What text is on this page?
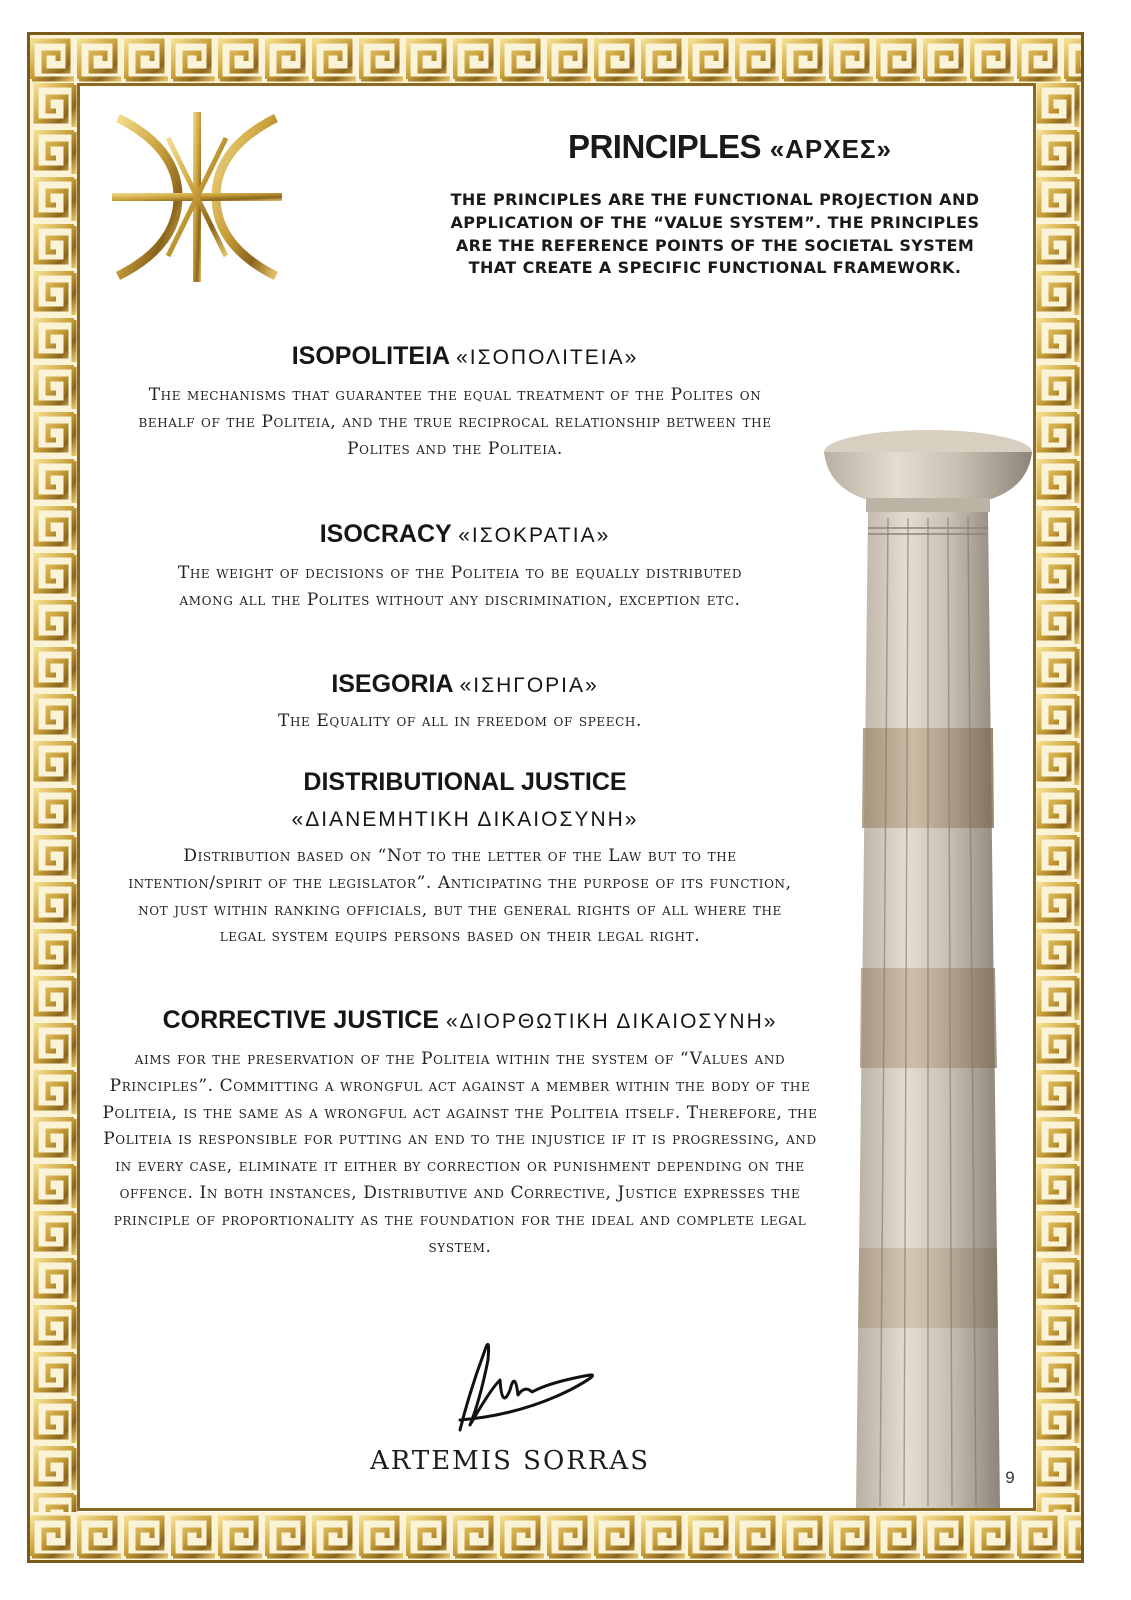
PRINCIPLES «ΑΡΧΕΣ»
THE PRINCIPLES ARE THE FUNCTIONAL PROJECTION AND APPLICATION OF THE “VALUE SYSTEM”. THE PRINCIPLES ARE THE REFERENCE POINTS OF THE SOCIETAL SYSTEM THAT CREATE A SPECIFIC FUNCTIONAL FRAMEWORK.
ISOPOLITEIA «ΙΣΟΠΟΛΙΤΕΙΑ»
The mechanisms that guarantee the equal treatment of the Polites on behalf of the Politeia, and the true reciprocal relationship between the Polites and the Politeia.
ISOCRACY «ΙΣΟΚΡΑΤΙΑ»
The weight of decisions of the Politeia to be equally distributed among all the Polites without any discrimination, exception etc.
ISEGORIA «ΙΣΗΓΟΡΙΑ»
The Equality of all in freedom of speech.
DISTRIBUTIONAL JUSTICE
«ΔΙΑΝΕΜΗΤΙΚΗ ΔΙΚΑΙΟΣΥΝΗ»
Distribution based on “Not to the letter of the Law but to the intention/spirit of the legislator”. Anticipating the purpose of its function, not just within ranking officials, but the general rights of all where the legal system equips persons based on their legal right.
CORRECTIVE JUSTICE «ΔΙΟΡΘΩΤΙΚΗ ΔΙΚΑΙΟΣΥΝΗ»
aims for the preservation of the Politeia within the system of “Values and Principles”. Committing a wrongful act against a member within the body of the Politeia, is the same as a wrongful act against the Politeia itself. Therefore, the Politeia is responsible for putting an end to the injustice if it is progressing, and in every case, eliminate it either by correction or punishment depending on the offence. In both instances, Distributive and Corrective, Justice expresses the principle of proportionality as the foundation for the ideal and complete legal system.
ARTEMIS SORRAS
9
